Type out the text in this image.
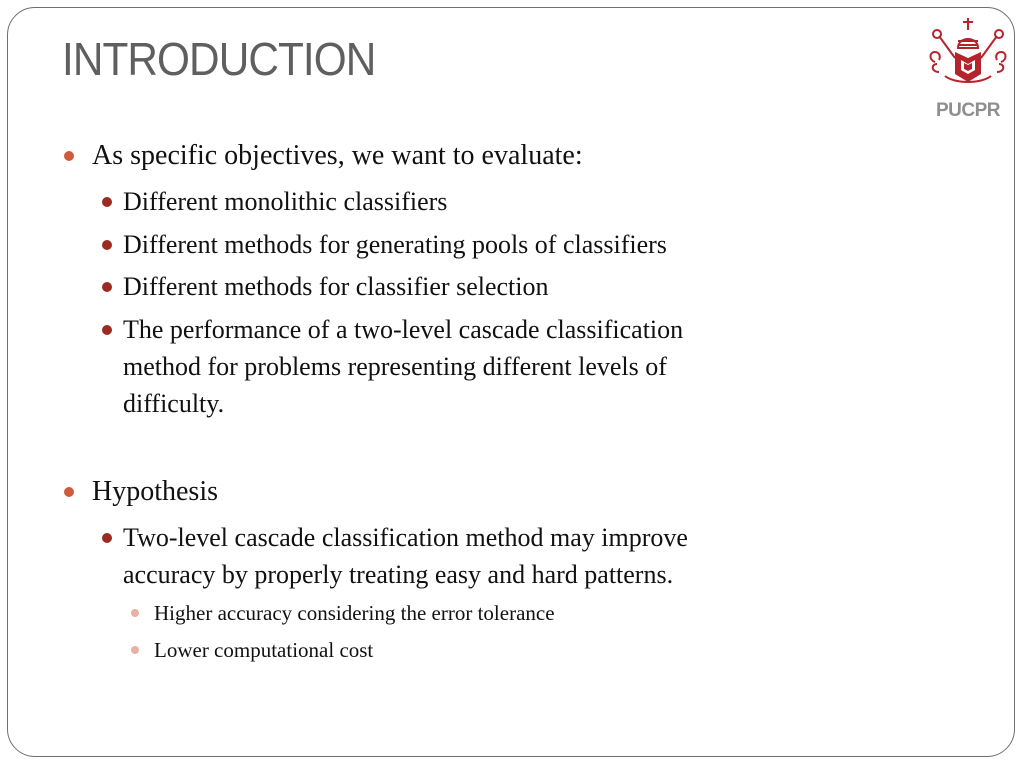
INTRODUCTION
PUCPR

As specific objectives, we want to evaluate:

Different monolithic classifiers

Different methods for generating pools of classifiers

Different methods for classifier selection

The performance of a two-level cascade classification

method for problems representing different levels of

difficulty.

Hypothesis

Two-level cascade classification method may improve

accuracy by properly treating easy and hard patterns.

Higher accuracy considering the error tolerance

Lower computational cost
